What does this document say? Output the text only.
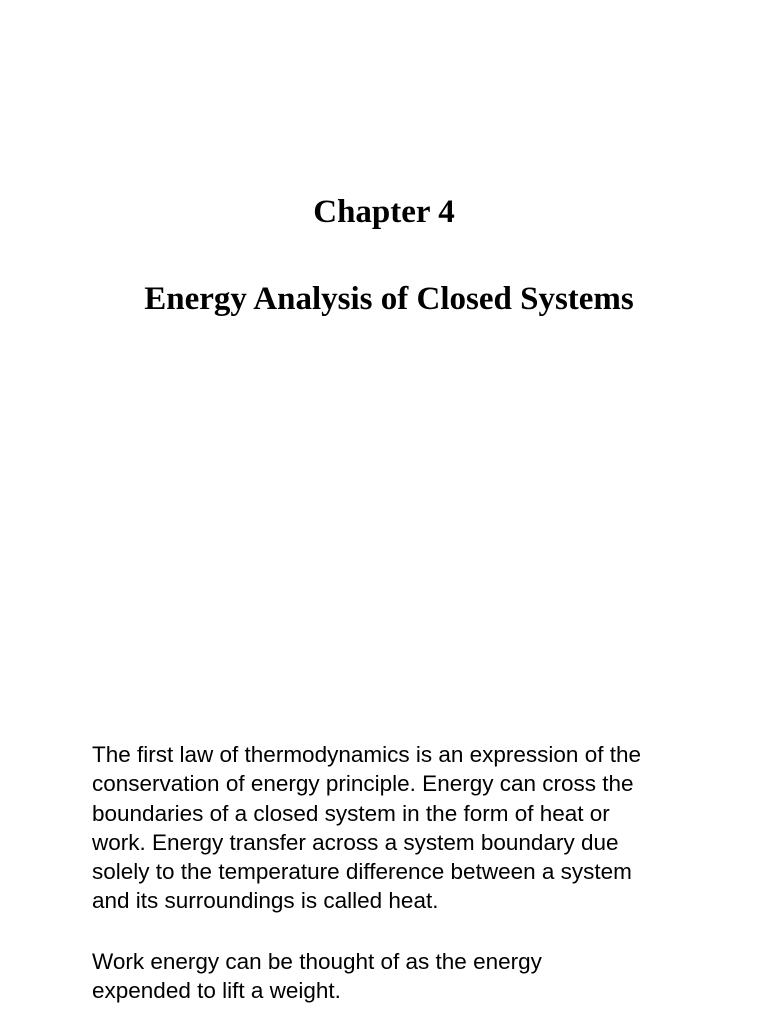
Chapter 4
Energy Analysis of Closed Systems

The first law of thermodynamics is an expression of the
conservation of energy principle. Energy can cross the
boundaries of a closed system in the form of heat or
work. Energy transfer across a system boundary due
solely to the temperature difference between a system
and its surroundings is called heat.

Work energy can be thought of as the energy
expended to lift a weight.
